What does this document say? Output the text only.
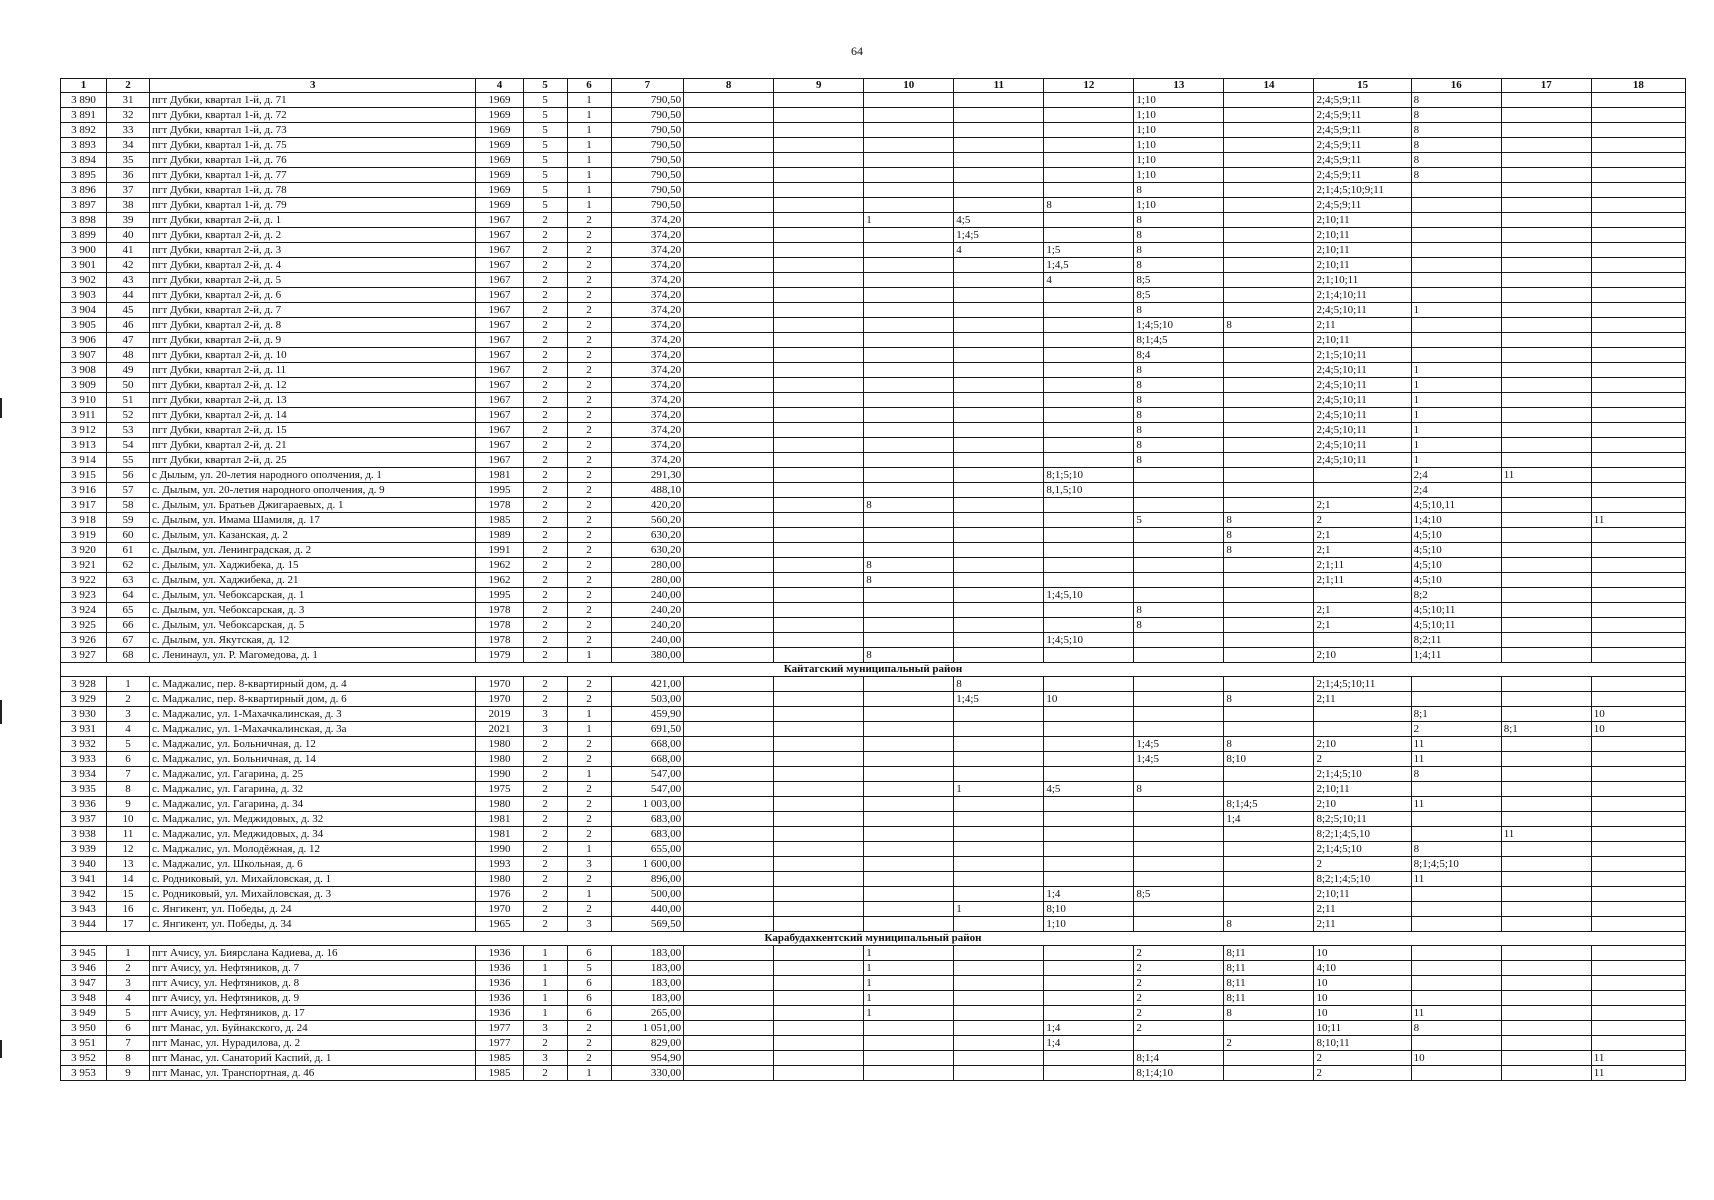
64
1	2	3	4	5	6	7	8	9	10	11	12	13	14	15	16	17	18
3 890	31	пгт Дубки, квартал 1-й, д. 71	1969	5	1	790,50						1;10		2;4;5;9;11	8		
3 891	32	пгт Дубки, квартал 1-й, д. 72	1969	5	1	790,50						1;10		2;4;5;9;11	8		
3 892	33	пгт Дубки, квартал 1-й, д. 73	1969	5	1	790,50						1;10		2;4;5;9;11	8		
3 893	34	пгт Дубки, квартал 1-й, д. 75	1969	5	1	790,50						1;10		2;4;5;9;11	8		
3 894	35	пгт Дубки, квартал 1-й, д. 76	1969	5	1	790,50						1;10		2;4;5;9;11	8		
3 895	36	пгт Дубки, квартал 1-й, д. 77	1969	5	1	790,50						1;10		2;4;5;9;11	8		
3 896	37	пгт Дубки, квартал 1-й, д. 78	1969	5	1	790,50						8		2;1;4;5;10;9;11			
3 897	38	пгт Дубки, квартал 1-й, д. 79	1969	5	1	790,50					8	1;10		2;4;5;9;11			
3 898	39	пгт Дубки, квартал 2-й, д. 1	1967	2	2	374,20			1	4;5		8		2;10;11			
3 899	40	пгт Дубки, квартал 2-й, д. 2	1967	2	2	374,20				1;4;5		8		2;10;11			
3 900	41	пгт Дубки, квартал 2-й, д. 3	1967	2	2	374,20				4	1;5	8		2;10;11			
3 901	42	пгт Дубки, квартал 2-й, д. 4	1967	2	2	374,20					1;4,5	8		2;10;11			
3 902	43	пгт Дубки, квартал 2-й, д. 5	1967	2	2	374,20					4	8;5		2;1;10;11			
3 903	44	пгт Дубки, квартал 2-й, д. 6	1967	2	2	374,20						8;5		2;1;4;10;11			
3 904	45	пгт Дубки, квартал 2-й, д. 7	1967	2	2	374,20						8		2;4;5;10;11	1		
3 905	46	пгт Дубки, квартал 2-й, д. 8	1967	2	2	374,20						1;4;5;10	8	2;11			
3 906	47	пгт Дубки, квартал 2-й, д. 9	1967	2	2	374,20						8;1;4;5		2;10;11			
3 907	48	пгт Дубки, квартал 2-й, д. 10	1967	2	2	374,20						8;4		2;1;5;10;11			
3 908	49	пгт Дубки, квартал 2-й, д. 11	1967	2	2	374,20						8		2;4;5;10;11	1		
3 909	50	пгт Дубки, квартал 2-й, д. 12	1967	2	2	374,20						8		2;4;5;10;11	1		
3 910	51	пгт Дубки, квартал 2-й, д. 13	1967	2	2	374,20						8		2;4;5;10;11	1		
3 911	52	пгт Дубки, квартал 2-й, д. 14	1967	2	2	374,20						8		2;4;5;10;11	1		
3 912	53	пгт Дубки, квартал 2-й, д. 15	1967	2	2	374,20						8		2;4;5;10;11	1		
3 913	54	пгт Дубки, квартал 2-й, д. 21	1967	2	2	374,20						8		2;4;5;10;11	1		
3 914	55	пгт Дубки, квартал 2-й, д. 25	1967	2	2	374,20						8		2;4;5;10;11	1		
3 915	56	с Дылым, ул. 20-летия народного ополчения, д. 1	1981	2	2	291,30					8;1;5;10				2;4	11	
3 916	57	с. Дылым, ул. 20-летия народного ополчения, д. 9	1995	2	2	488,10					8,1,5;10				2;4		
3 917	58	с. Дылым, ул. Братьев Джигараевых, д. 1	1978	2	2	420,20			8					2;1	4;5;10,11		
3 918	59	с. Дылым, ул. Имама Шамиля, д. 17	1985	2	2	560,20						5	8	2	1;4;10		11
3 919	60	с. Дылым, ул. Казанская, д. 2	1989	2	2	630,20							8	2;1	4;5;10		
3 920	61	с. Дылым, ул. Ленинградская, д. 2	1991	2	2	630,20							8	2;1	4;5;10		
3 921	62	с. Дылым, ул. Хаджибека, д. 15	1962	2	2	280,00			8					2;1;11	4;5;10		
3 922	63	с. Дылым, ул. Хаджибека, д. 21	1962	2	2	280,00			8					2;1;11	4;5;10		
3 923	64	с. Дылым, ул. Чебоксарская, д. 1	1995	2	2	240,00					1;4;5,10				8;2		
3 924	65	с. Дылым, ул. Чебоксарская, д. 3	1978	2	2	240,20						8		2;1	4;5;10;11		
3 925	66	с. Дылым, ул. Чебоксарская, д. 5	1978	2	2	240,20						8		2;1	4;5;10;11		
3 926	67	с. Дылым, ул. Якутская, д. 12	1978	2	2	240,00					1;4;5;10				8;2;11		
3 927	68	с. Ленинаул, ул. Р. Магомедова, д. 1	1979	2	1	380,00			8					2;10	1;4;11		
Кайтагский муниципальный район																	
3 928	1	с. Маджалис, пер. 8-квартирный дом, д. 4	1970	2	2	421,00				8				2;1;4;5;10;11			
3 929	2	с. Маджалис, пер. 8-квартирный дом, д. 6	1970	2	2	503,00				1;4;5	10		8	2;11			
3 930	3	с. Маджалис, ул. 1-Махачкалинская, д. 3	2019	3	1	459,90									8;1		10
3 931	4	с. Маджалис, ул. 1-Махачкалинская, д. 3а	2021	3	1	691,50									2	8;1	10
3 932	5	с. Маджалис, ул. Больничная, д. 12	1980	2	2	668,00						1;4;5	8	2;10	11		
3 933	6	с. Маджалис, ул. Больничная, д. 14	1980	2	2	668,00						1;4;5	8;10	2	11		
3 934	7	с. Маджалис, ул. Гагарина, д. 25	1990	2	1	547,00								2;1;4;5;10	8		
3 935	8	с. Маджалис, ул. Гагарина, д. 32	1975	2	2	547,00				1	4;5	8		2;10;11			
3 936	9	с. Маджалис, ул. Гагарина, д. 34	1980	2	2	1 003,00							8;1;4;5	2;10	11		
3 937	10	с. Маджалис, ул. Меджидовых, д. 32	1981	2	2	683,00							1;4	8;2;5;10;11			
3 938	11	с. Маджалис, ул. Меджидовых, д. 34	1981	2	2	683,00								8;2;1;4;5,10		11	
3 939	12	с. Маджалис, ул. Молодёжная, д. 12	1990	2	1	655,00								2;1;4;5;10	8		
3 940	13	с. Маджалис, ул. Школьная, д. 6	1993	2	3	1 600,00								2	8;1;4;5;10		
3 941	14	с. Родниковый, ул. Михайловская, д. 1	1980	2	2	896,00								8;2;1;4;5;10	11		
3 942	15	с. Родниковый, ул. Михайловская, д. 3	1976	2	1	500,00					1;4	8;5		2;10;11			
3 943	16	с. Янгикент, ул. Победы, д. 24	1970	2	2	440,00				1	8;10			2;11			
3 944	17	с. Янгикент, ул. Победы, д. 34	1965	2	3	569,50					1;10		8	2;11			
Карабудахкентский муниципальный район																	
3 945	1	пгт Ачису, ул. Биярслана Кадиева, д. 16	1936	1	6	183,00			1			2	8;11	10			
3 946	2	пгт Ачису, ул. Нефтяников, д. 7	1936	1	5	183,00			1			2	8;11	4;10			
3 947	3	пгт Ачису, ул. Нефтяников, д. 8	1936	1	6	183,00			1			2	8;11	10			
3 948	4	пгт Ачису, ул. Нефтяников, д. 9	1936	1	6	183,00			1			2	8;11	10			
3 949	5	пгт Ачису, ул. Нефтяников, д. 17	1936	1	6	265,00			1			2	8	10	11		
3 950	6	пгт Манас, ул. Буйнакского, д. 24	1977	3	2	1 051,00					1;4	2		10;11	8		
3 951	7	пгт Манас, ул. Нурадилова, д. 2	1977	2	2	829,00					1;4		2	8;10;11			
3 952	8	пгт Манас, ул. Санаторий Каспий, д. 1	1985	3	2	954,90						8;1;4		2	10		11
3 953	9	пгт Манас, ул. Транспортная, д. 46	1985	2	1	330,00						8;1;4;10		2			11
